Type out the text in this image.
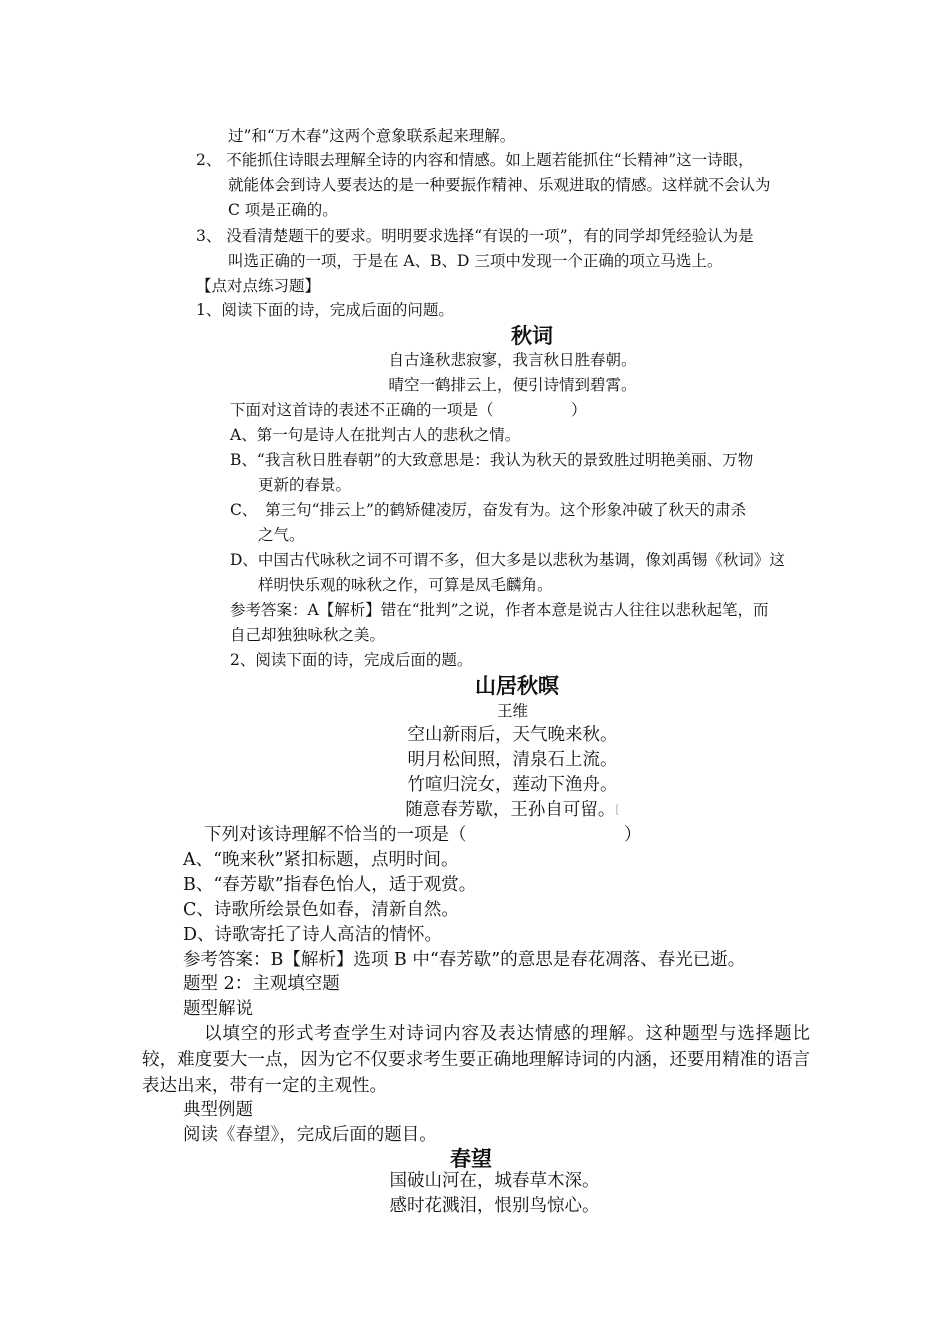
过”和“万木春”这两个意象联系起来理解。
2、 不能抓住诗眼去理解全诗的内容和情感。如上题若能抓住“长精神”这一诗眼，
就能体会到诗人要表达的是一种要振作精神、乐观进取的情感。这样就不会认为
C 项是正确的。
3、 没看清楚题干的要求。明明要求选择“有误的一项”，有的同学却凭经验认为是
叫选正确的一项，于是在 A、B、D 三项中发现一个正确的项立马选上。
【点对点练习题】
1、阅读下面的诗，完成后面的问题。
秋词
自古逢秋悲寂寥，我言秋日胜春朝。
晴空一鹤排云上，便引诗情到碧霄。
下面对这首诗的表述不正确的一项是（　　　　　）
A、第一句是诗人在批判古人的悲秋之情。
B、“我言秋日胜春朝”的大致意思是：我认为秋天的景致胜过明艳美丽、万物
更新的春景。
C、　第三句“排云上”的鹤矫健凌厉，奋发有为。这个形象冲破了秋天的肃杀
之气。
D、中国古代咏秋之词不可谓不多，但大多是以悲秋为基调，像刘禹锡《秋词》这
样明快乐观的咏秋之作，可算是凤毛麟角。
参考答案：A【解析】错在“批判”之说，作者本意是说古人往往以悲秋起笔，而
自己却独独咏秋之美。
2、阅读下面的诗，完成后面的题。
山居秋暝
王维
空山新雨后，天气晚来秋。
明月松间照，清泉石上流。
竹喧归浣女，莲动下渔舟。
随意春芳歇，王孙自可留。[
下列对该诗理解不恰当的一项是（　　　　　　　　　）
A、“晚来秋”紧扣标题，点明时间。
B、“春芳歇”指春色怡人，适于观赏。
C、诗歌所绘景色如春，清新自然。
D、诗歌寄托了诗人高洁的情怀。
参考答案：B【解析】选项 B 中“春芳歇”的意思是春花凋落、春光已逝。
题型 2：主观填空题
题型解说
以填空的形式考查学生对诗词内容及表达情感的理解。这种题型与选择题比较，难度要大一点，因为它不仅要求考生要正确地理解诗词的内涵，还要用精准的语言表达出来，带有一定的主观性。
典型例题
阅读《春望》，完成后面的题目。
春望
国破山河在，城春草木深。
感时花溅泪，恨别鸟惊心。
